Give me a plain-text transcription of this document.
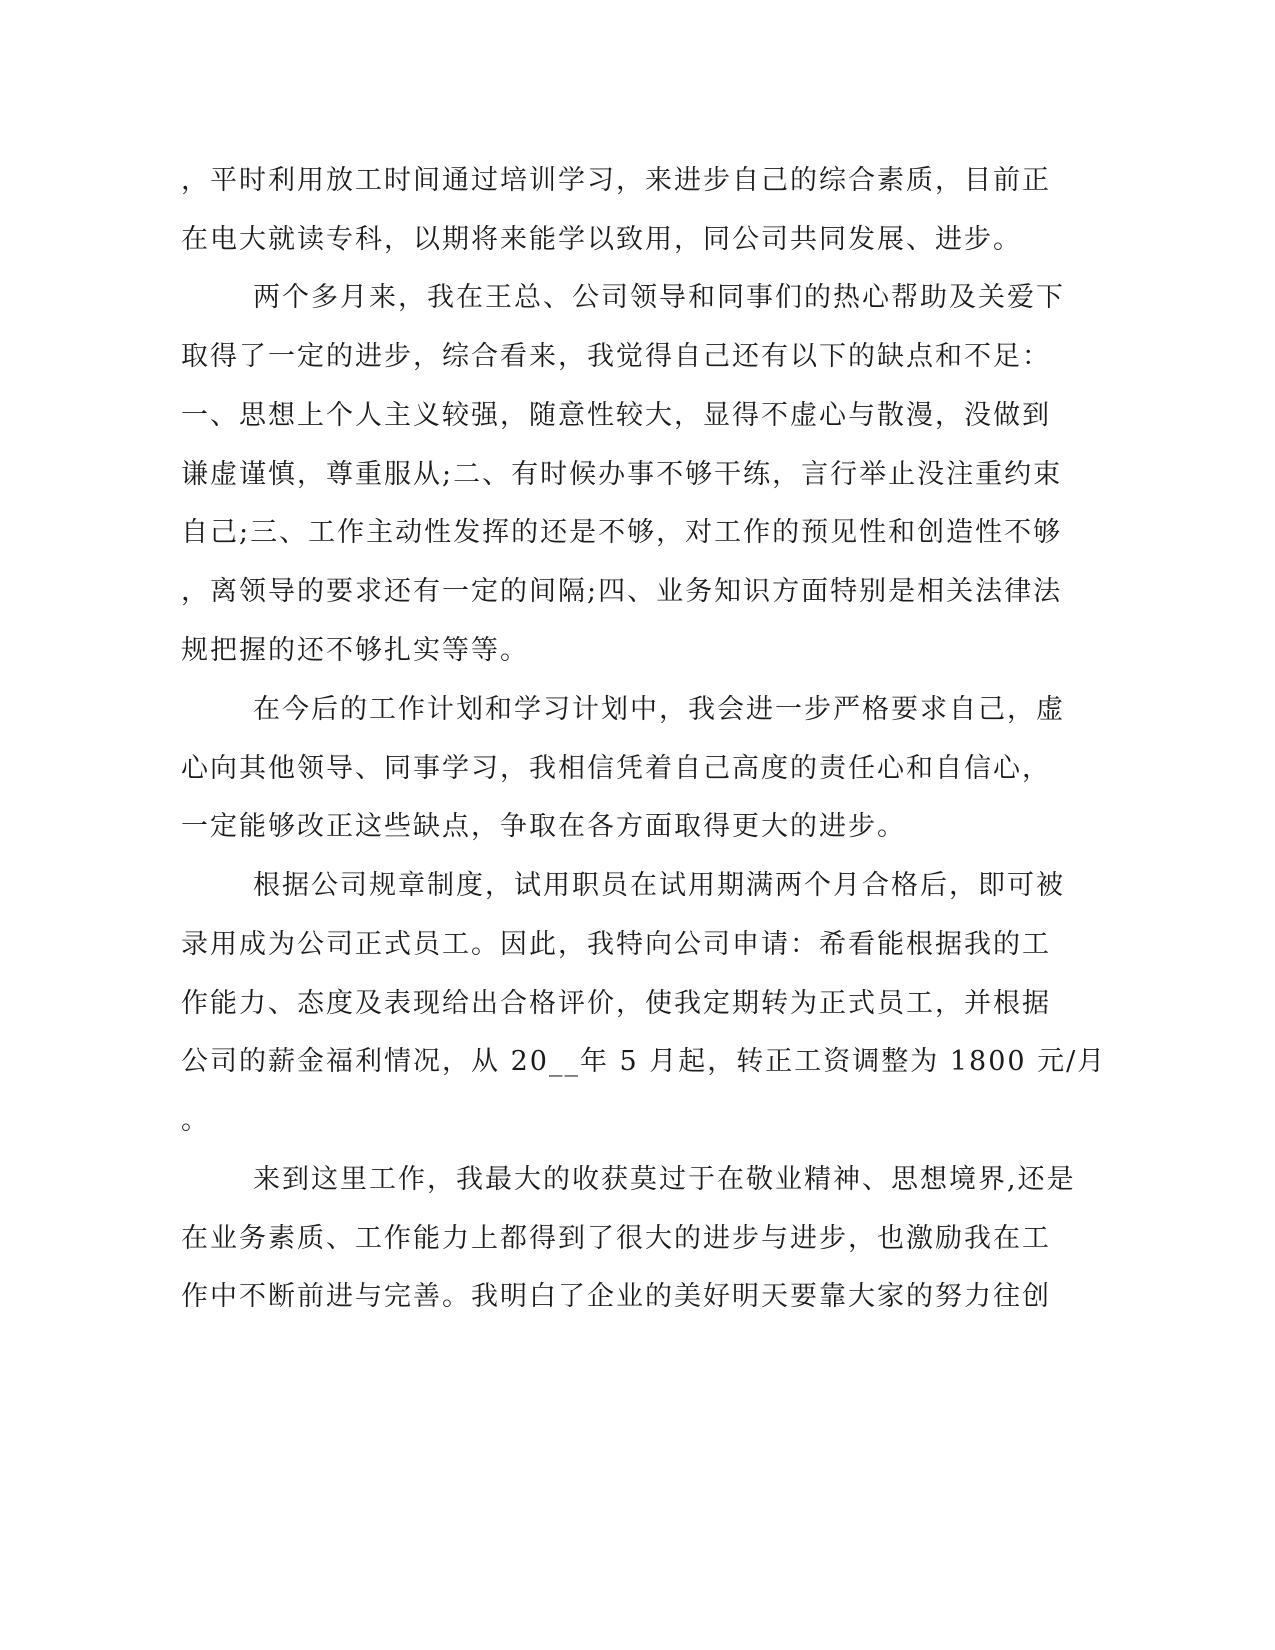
，平时利用放工时间通过培训学习，来进步自己的综合素质，目前正
在电大就读专科，以期将来能学以致用，同公司共同发展、进步。
两个多月来，我在王总、公司领导和同事们的热心帮助及关爱下
取得了一定的进步，综合看来，我觉得自己还有以下的缺点和不足：
一、思想上个人主义较强，随意性较大，显得不虚心与散漫，没做到
谦虚谨慎，尊重服从;二、有时候办事不够干练，言行举止没注重约束
自己;三、工作主动性发挥的还是不够，对工作的预见性和创造性不够
，离领导的要求还有一定的间隔;四、业务知识方面特别是相关法律法
规把握的还不够扎实等等。
在今后的工作计划和学习计划中，我会进一步严格要求自己，虚
心向其他领导、同事学习，我相信凭着自己高度的责任心和自信心，
一定能够改正这些缺点，争取在各方面取得更大的进步。
根据公司规章制度，试用职员在试用期满两个月合格后，即可被
录用成为公司正式员工。因此，我特向公司申请：希看能根据我的工
作能力、态度及表现给出合格评价，使我定期转为正式员工，并根据
公司的薪金福利情况，从 20__年 5 月起，转正工资调整为 1800 元/月
。
来到这里工作，我最大的收获莫过于在敬业精神、思想境界,还是
在业务素质、工作能力上都得到了很大的进步与进步，也激励我在工
作中不断前进与完善。我明白了企业的美好明天要靠大家的努力往创
